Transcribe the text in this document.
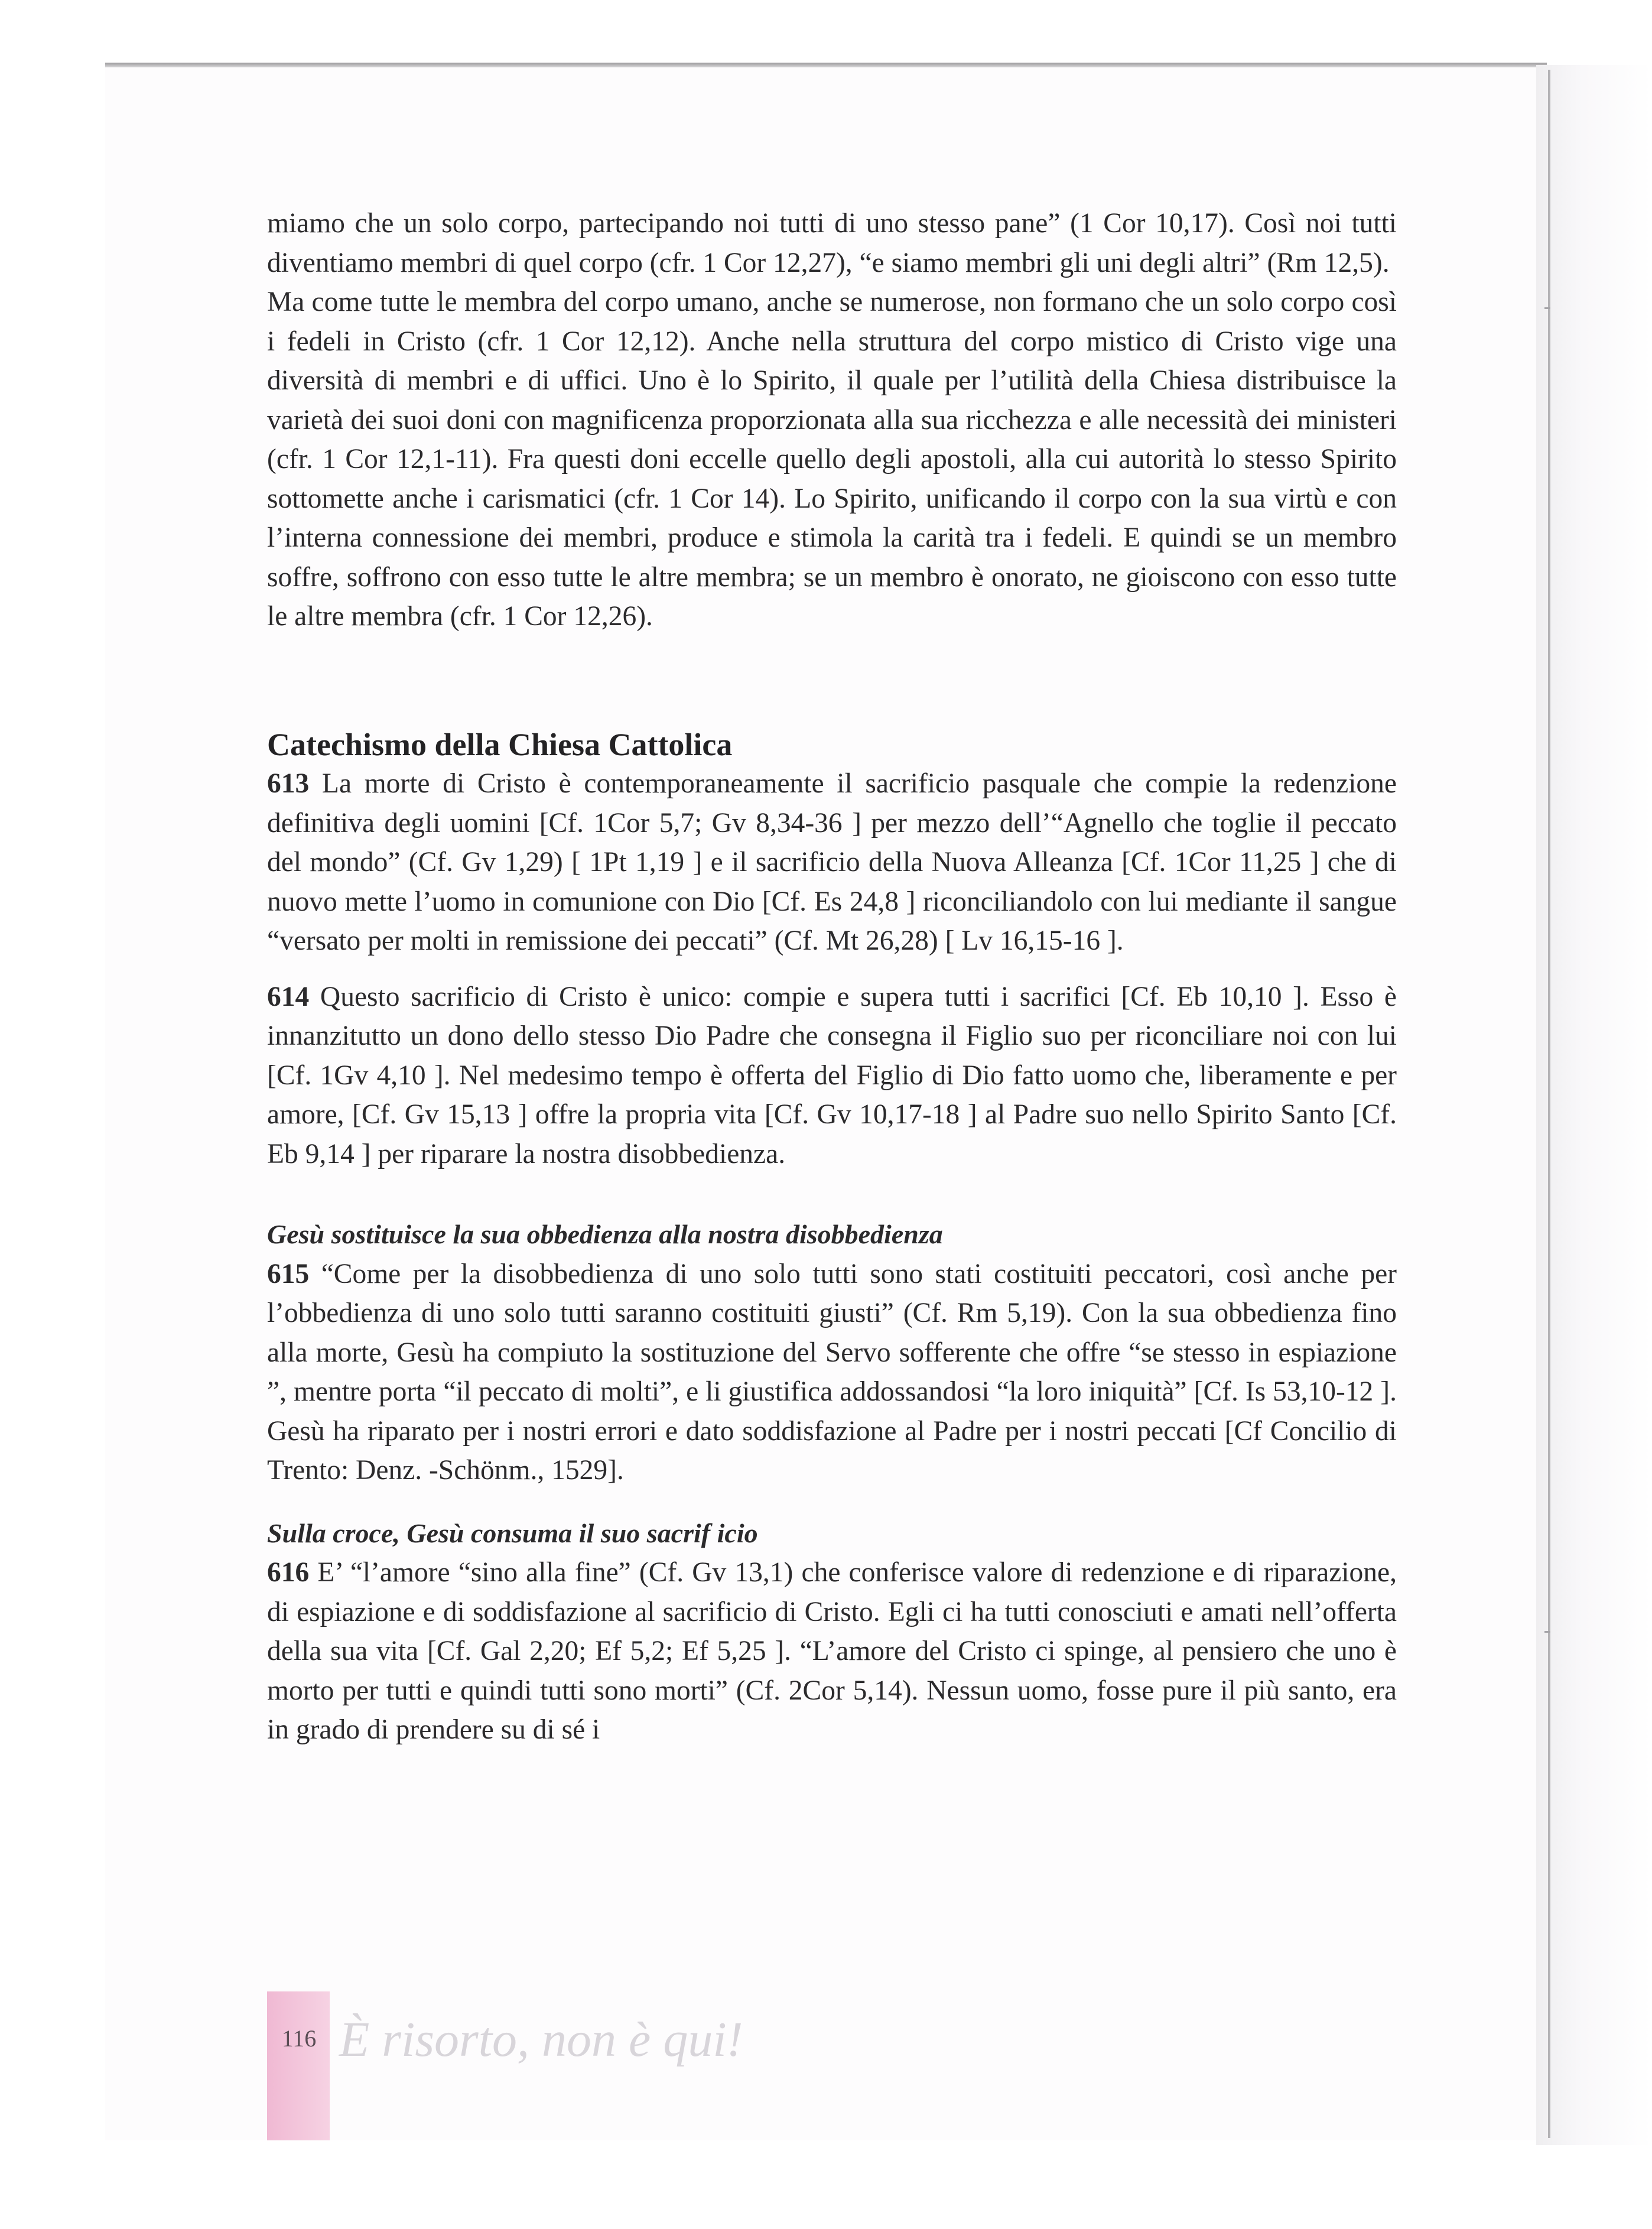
miamo che un solo corpo, partecipando noi tutti di uno stesso pane” (1 Cor 10,17). Così noi tutti diventiamo membri di quel corpo (cfr. 1 Cor 12,27), “e siamo membri gli uni degli altri” (Rm 12,5).

Ma come tutte le membra del corpo umano, anche se numerose, non formano che un solo corpo così i fedeli in Cristo (cfr. 1 Cor 12,12). Anche nella struttura del corpo mistico di Cristo vige una diversità di membri e di uffici. Uno è lo Spirito, il quale per l’utilità della Chiesa distribuisce la varietà dei suoi doni con magnificenza proporzionata alla sua ricchezza e alle necessità dei ministeri (cfr. 1 Cor 12,1-11). Fra questi doni eccelle quello degli apostoli, alla cui autorità lo stesso Spirito sottomette anche i carismatici (cfr. 1 Cor 14). Lo Spirito, unificando il corpo con la sua virtù e con l’interna connessione dei membri, produce e stimola la carità tra i fedeli. E quindi se un membro soffre, soffrono con esso tutte le altre membra; se un membro è onorato, ne gioiscono con esso tutte le altre membra (cfr. 1 Cor 12,26).

Catechismo della Chiesa Cattolica

613 La morte di Cristo è contemporaneamente il sacrificio pasquale che compie la redenzione definitiva degli uomini [Cf. 1Cor 5,7; Gv 8,34-36 ] per mezzo dell’“Agnello che toglie il peccato del mondo” (Cf. Gv 1,29) [ 1Pt 1,19 ] e il sacrificio della Nuova Alleanza [Cf. 1Cor 11,25 ] che di nuovo mette l’uomo in comunione con Dio [Cf. Es 24,8 ] riconciliandolo con lui mediante il sangue “versato per molti in remissione dei peccati” (Cf. Mt 26,28) [ Lv 16,15-16 ].

614 Questo sacrificio di Cristo è unico: compie e supera tutti i sacrifici [Cf. Eb 10,10 ]. Esso è innanzitutto un dono dello stesso Dio Padre che consegna il Figlio suo per riconciliare noi con lui [Cf. 1Gv 4,10 ]. Nel medesimo tempo è offerta del Figlio di Dio fatto uomo che, liberamente e per amore, [Cf. Gv 15,13 ] offre la propria vita [Cf. Gv 10,17-18 ] al Padre suo nello Spirito Santo [Cf. Eb 9,14 ] per riparare la nostra disobbedienza.

Gesù sostituisce la sua obbedienza alla nostra disobbedienza

615 “Come per la disobbedienza di uno solo tutti sono stati costituiti peccatori, così anche per l’obbedienza di uno solo tutti saranno costituiti giusti” (Cf. Rm 5,19). Con la sua obbedienza fino alla morte, Gesù ha compiuto la sostituzione del Servo sofferente che offre “se stesso in espiazione ”, mentre porta “il peccato di molti”, e li giustifica addossandosi “la loro iniquità” [Cf. Is 53,10-12 ]. Gesù ha riparato per i nostri errori e dato soddisfazione al Padre per i nostri peccati [Cf Concilio di Trento: Denz. -Schönm., 1529].

Sulla croce, Gesù consuma il suo sacrif icio

616 E’ “l’amore “sino alla fine” (Cf. Gv 13,1) che conferisce valore di redenzione e di riparazione, di espiazione e di soddisfazione al sacrificio di Cristo. Egli ci ha tutti conosciuti e amati nell’offerta della sua vita [Cf. Gal 2,20; Ef 5,2; Ef 5,25 ]. “L’amore del Cristo ci spinge, al pensiero che uno è morto per tutti e quindi tutti sono morti” (Cf. 2Cor 5,14). Nessun uomo, fosse pure il più santo, era in grado di prendere su di sé i

116 È risorto, non è qui!
